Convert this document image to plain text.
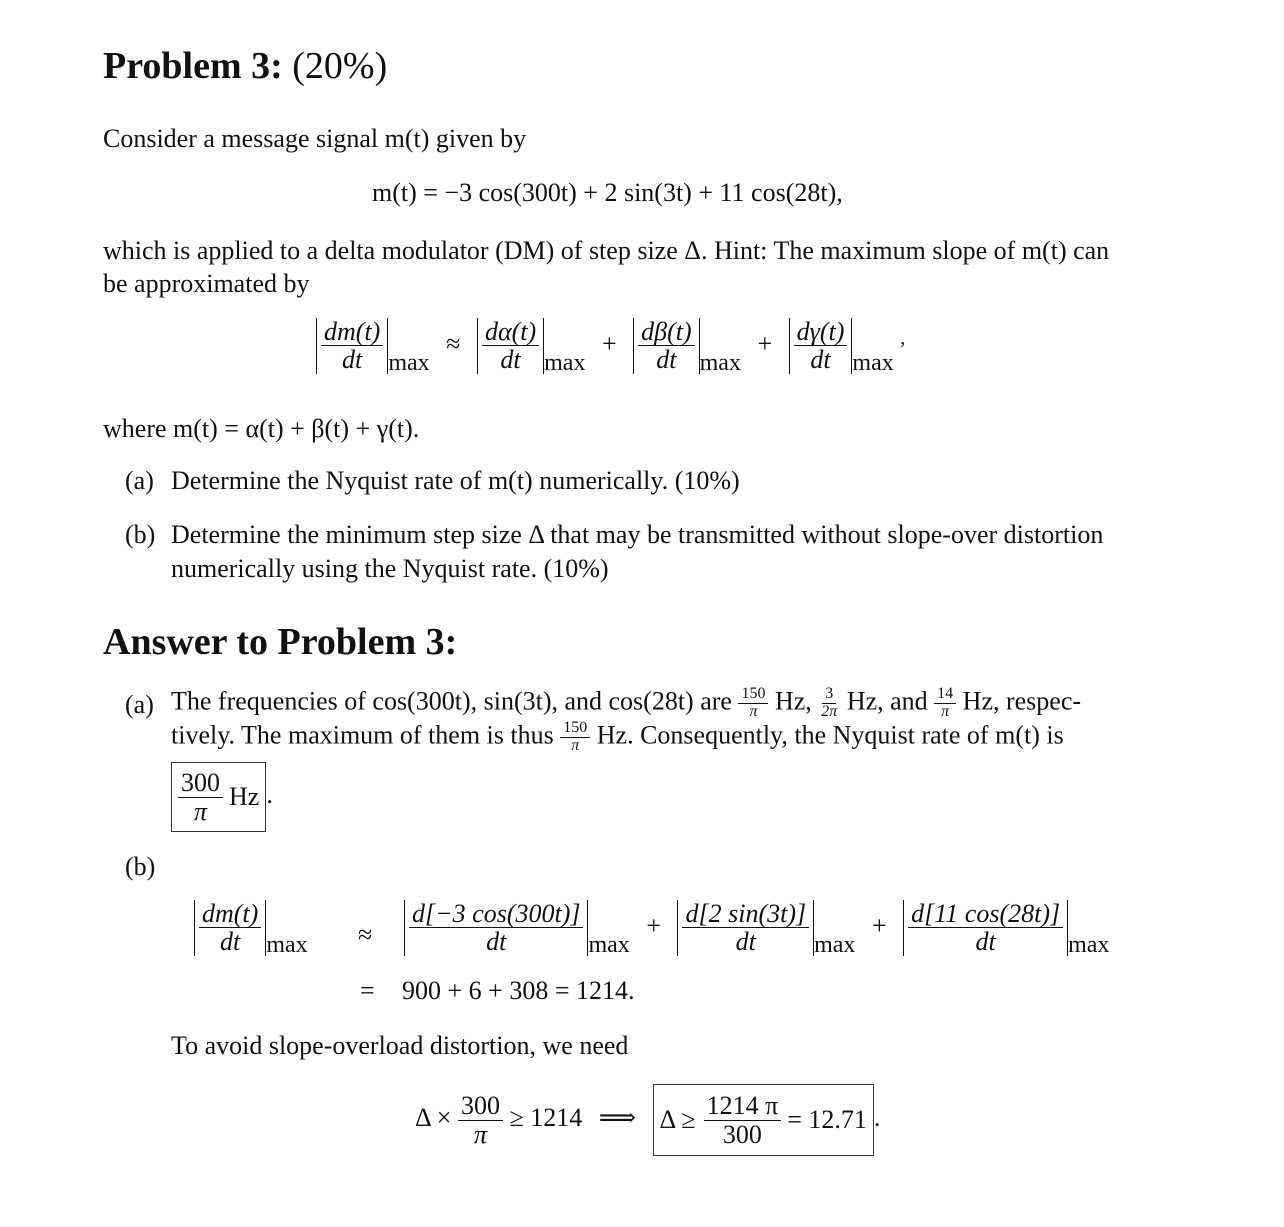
Problem 3: (20%)
Consider a message signal m(t) given by
m(t) = −3 cos(300t) + 2 sin(3t) + 11 cos(28t),
which is applied to a delta modulator (DM) of step size Δ. Hint: The maximum slope of m(t) can
be approximated by
$\frac{dm(t)}{dt}$ $\max \approx \frac{d\alpha(t)}{dt}$ $\max + \frac{d\beta(t)}{dt}$ $\max + \frac{d\gamma(t)}{dt}$ max ,
where m(t) = α(t) + β(t) + γ(t).
(a) Determine the Nyquist rate of m(t) numerically. (10%)
(b) Determine the minimum step size Δ that may be transmitted without slope-over distortion
numerically using the Nyquist rate. (10%)
Answer to Problem 3:
(a) The frequencies of cos(300t), sin(3t), and cos(28t) are $\frac{150}{\pi} Hz$, $\frac{3}{2\pi} Hz$, and $\frac{14}{\pi} Hz$, respec-
tively. The maximum of them is thus $\frac{150}{\pi} Hz$. Consequently, the Nyquist rate of m(t) is
$\frac{300}{\pi}$ Hz .
(b)
$\frac{dm(t)}{dt}$ $\max \approx \frac{d[-3 \cos(300t)]}{dt}$ $\max + \frac{d[2 \sin(3t)]}{dt}$ $\max + \frac{d[11 \cos(28t)]}{dt}$ max
= 900 + 6 + 308 = 1214.
To avoid slope-overload distortion, we need
$\Delta \times \frac{300}{\pi} \ge 1214$ ⟹ $\Delta \ge \frac{1214 \pi}{300} = 12.71$ .
